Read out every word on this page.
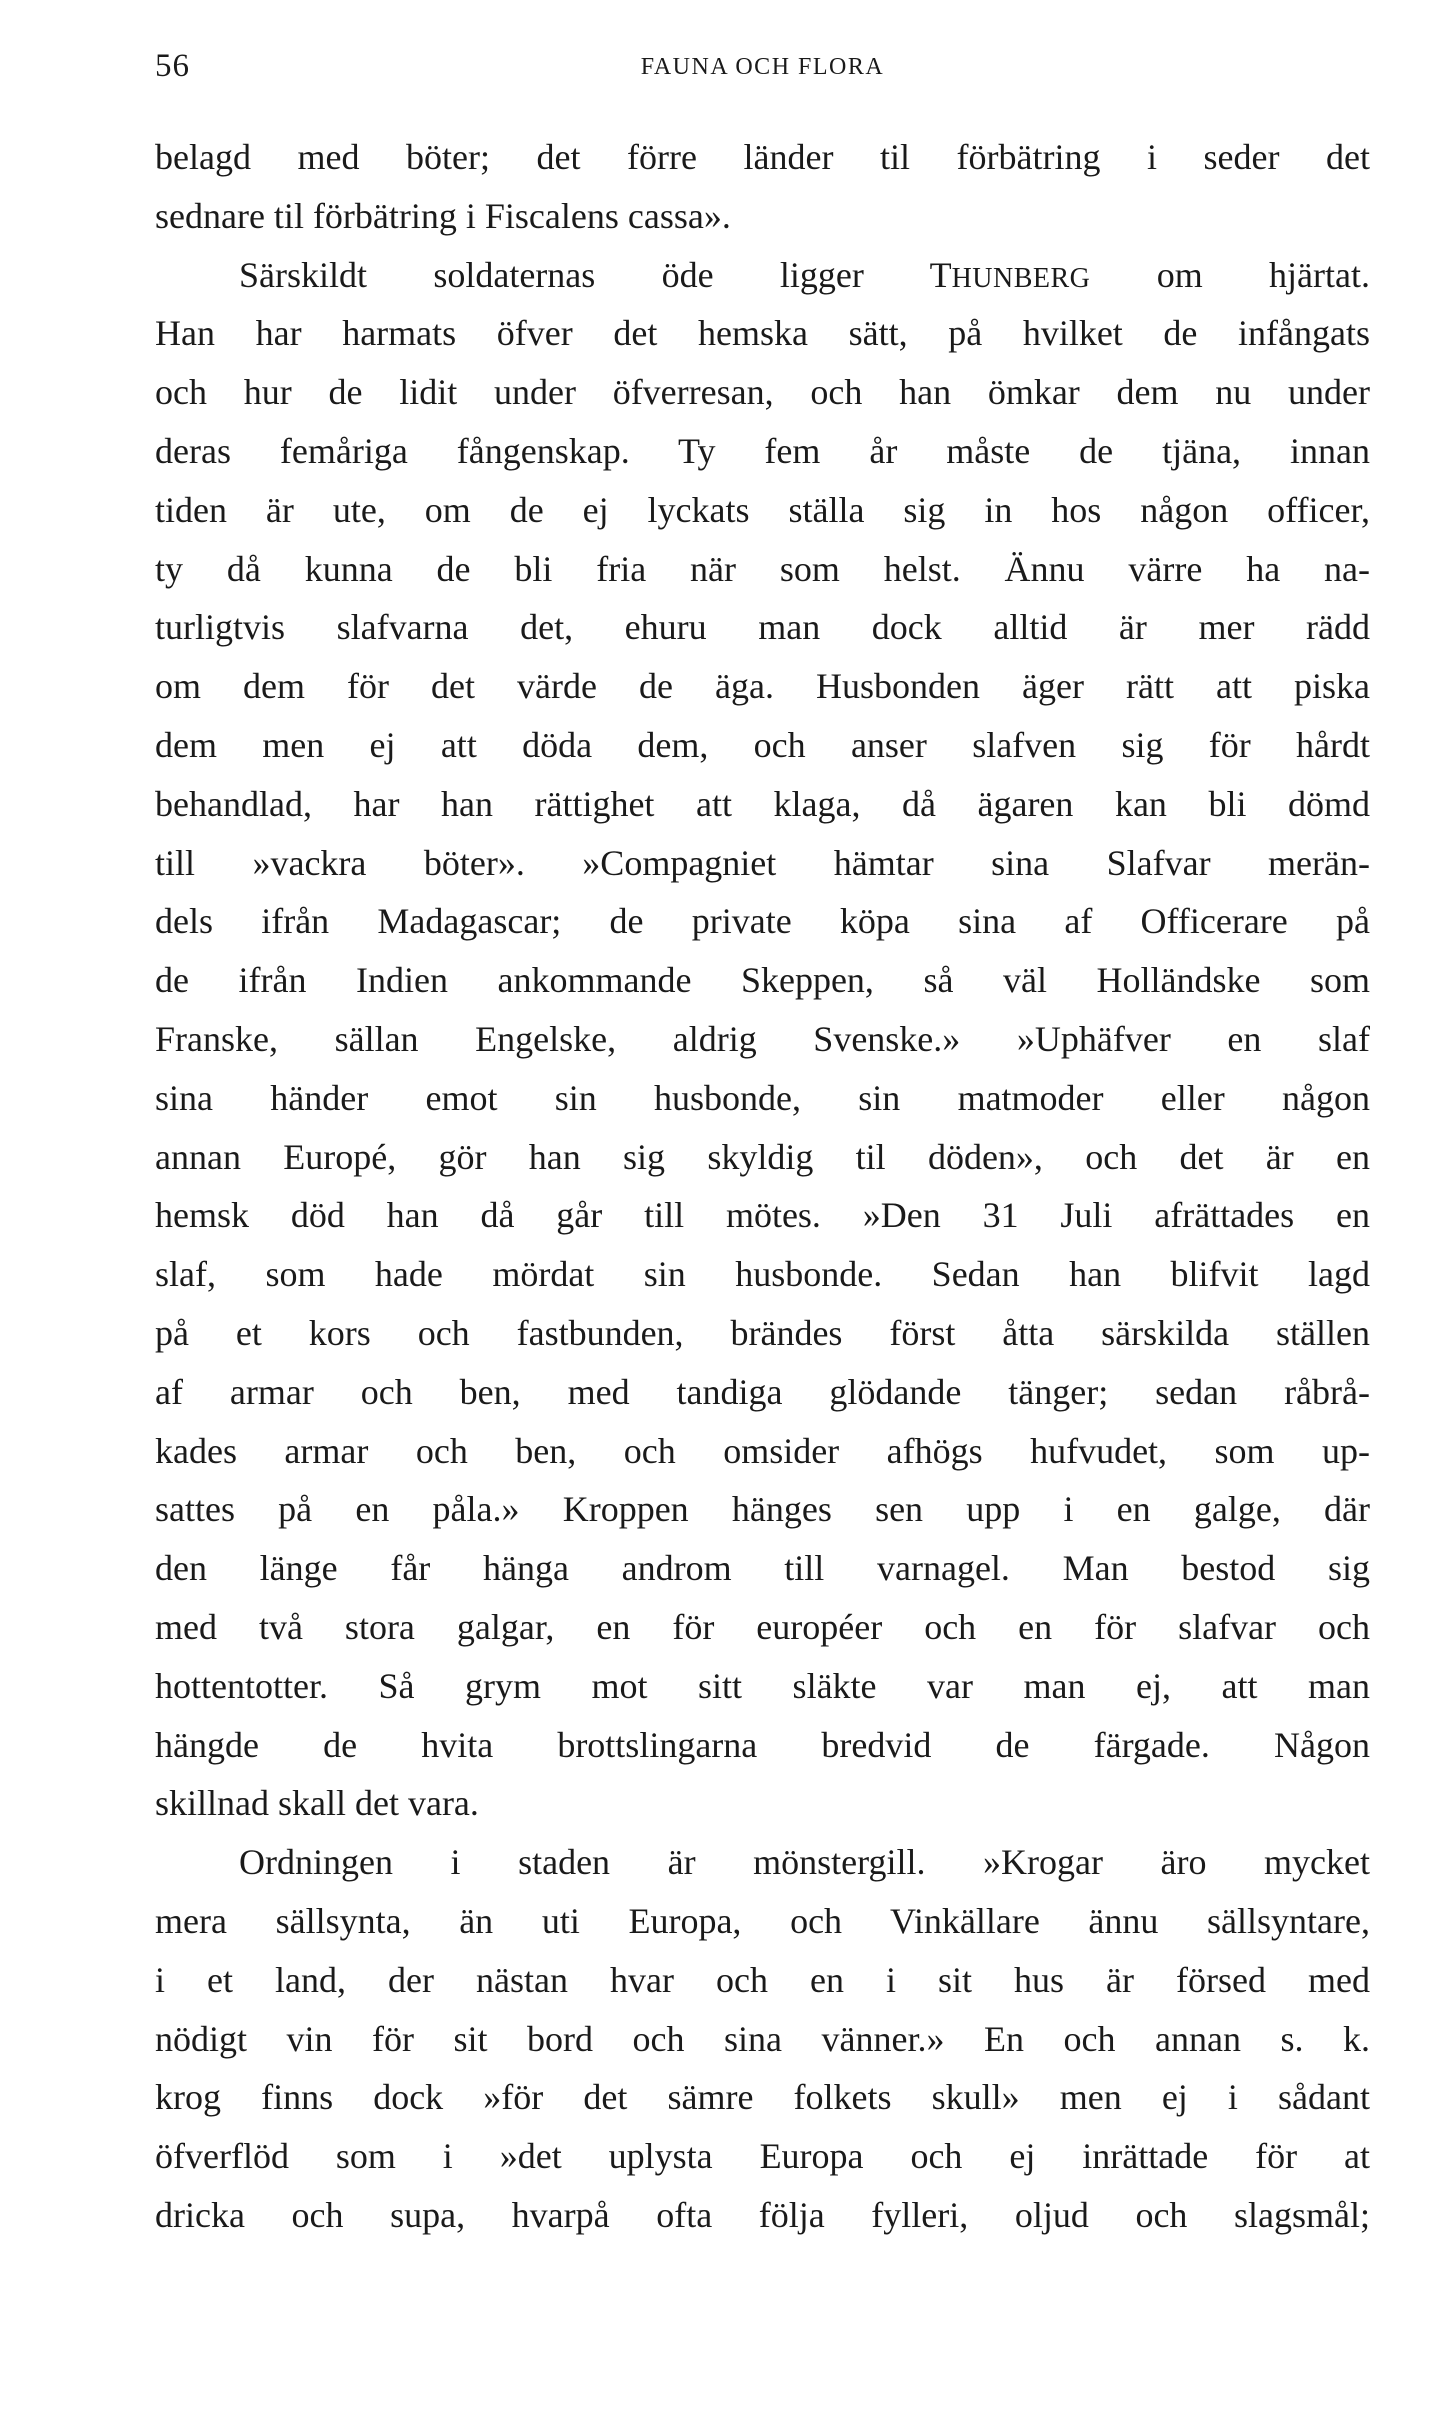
56	FAUNA OCH FLORA
belagd med böter; det förre länder til förbätring i seder det
sednare til förbätring i Fiscalens cassa».
Särskildt soldaternas öde ligger THUNBERG om hjärtat.
Han har harmats öfver det hemska sätt, på hvilket de infångats
och hur de lidit under öfverresan, och han ömkar dem nu under
deras femåriga fångenskap. Ty fem år måste de tjäna, innan
tiden är ute, om de ej lyckats ställa sig in hos någon officer,
ty då kunna de bli fria när som helst. Ännu värre ha na-
turligtvis slafvarna det, ehuru man dock alltid är mer rädd
om dem för det värde de äga. Husbonden äger rätt att piska
dem men ej att döda dem, och anser slafven sig för hårdt
behandlad, har han rättighet att klaga, då ägaren kan bli dömd
till »vackra böter». »Compagniet hämtar sina Slafvar merän-
dels ifrån Madagascar; de private köpa sina af Officerare på
de ifrån Indien ankommande Skeppen, så väl Holländske som
Franske, sällan Engelske, aldrig Svenske.» »Uphäfver en slaf
sina händer emot sin husbonde, sin matmoder eller någon
annan Europé, gör han sig skyldig til döden», och det är en
hemsk död han då går till mötes. »Den 31 Juli afrättades en
slaf, som hade mördat sin husbonde. Sedan han blifvit lagd
på et kors och fastbunden, brändes först åtta särskilda ställen
af armar och ben, med tandiga glödande tänger; sedan råbrå-
kades armar och ben, och omsider afhögs hufvudet, som up-
sattes på en påla.» Kroppen hänges sen upp i en galge, där
den länge får hänga androm till varnagel. Man bestod sig
med två stora galgar, en för européer och en för slafvar och
hottentotter. Så grym mot sitt släkte var man ej, att man
hängde de hvita brottslingarna bredvid de färgade. Någon
skillnad skall det vara.
Ordningen i staden är mönstergill. »Krogar äro mycket
mera sällsynta, än uti Europa, och Vinkällare ännu sällsyntare,
i et land, der nästan hvar och en i sit hus är försed med
nödigt vin för sit bord och sina vänner.» En och annan s. k.
krog finns dock »för det sämre folkets skull» men ej i sådant
öfverflöd som i »det uplysta Europa och ej inrättade för at
dricka och supa, hvarpå ofta följa fylleri, oljud och slagsmål;
